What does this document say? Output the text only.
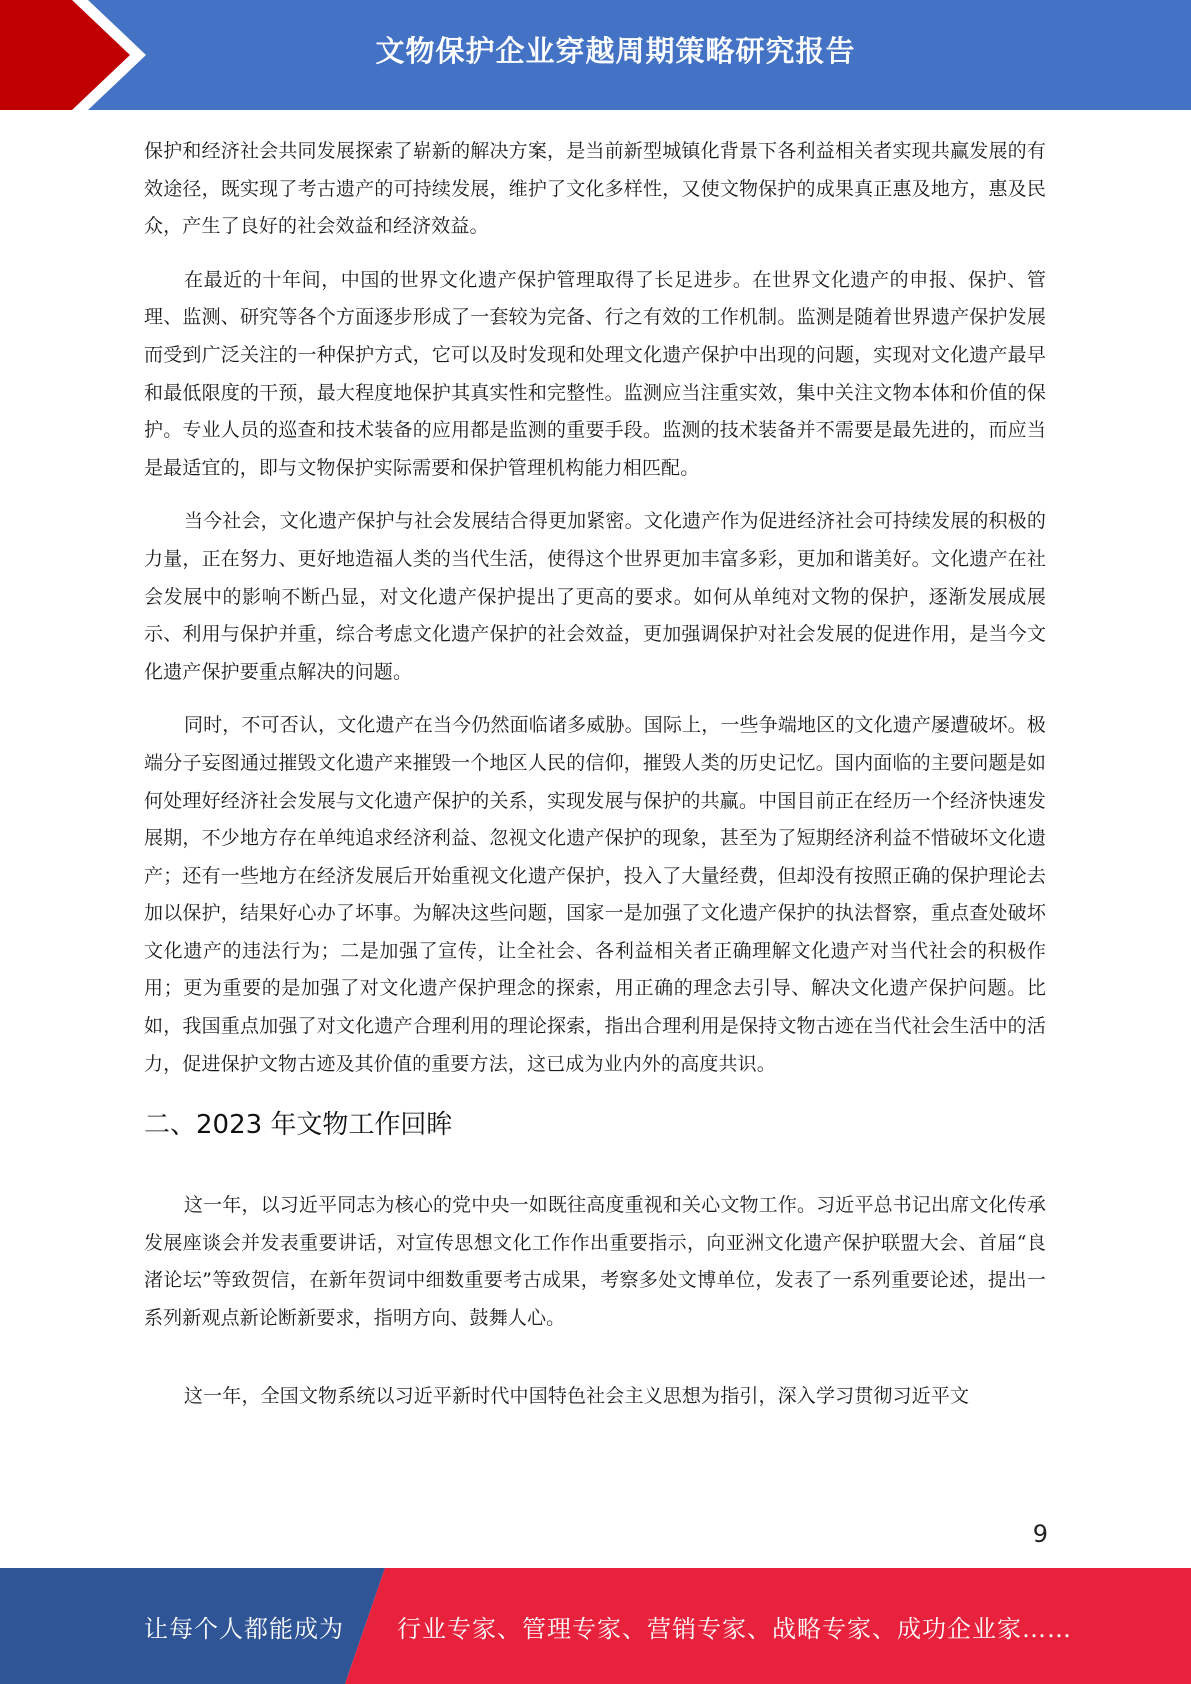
文物保护企业穿越周期策略研究报告

保护和经济社会共同发展探索了崭新的解决方案，是当前新型城镇化背景下各利益相关者实现共赢发展的有效途径，既实现了考古遗产的可持续发展，维护了文化多样性，又使文物保护的成果真正惠及地方，惠及民众，产生了良好的社会效益和经济效益。

在最近的十年间，中国的世界文化遗产保护管理取得了长足进步。在世界文化遗产的申报、保护、管理、监测、研究等各个方面逐步形成了一套较为完备、行之有效的工作机制。监测是随着世界遗产保护发展而受到广泛关注的一种保护方式，它可以及时发现和处理文化遗产保护中出现的问题，实现对文化遗产最早和最低限度的干预，最大程度地保护其真实性和完整性。监测应当注重实效，集中关注文物本体和价值的保护。专业人员的巡查和技术装备的应用都是监测的重要手段。监测的技术装备并不需要是最先进的，而应当是最适宜的，即与文物保护实际需要和保护管理机构能力相匹配。

当今社会，文化遗产保护与社会发展结合得更加紧密。文化遗产作为促进经济社会可持续发展的积极的力量，正在努力、更好地造福人类的当代生活，使得这个世界更加丰富多彩，更加和谐美好。文化遗产在社会发展中的影响不断凸显，对文化遗产保护提出了更高的要求。如何从单纯对文物的保护，逐渐发展成展示、利用与保护并重，综合考虑文化遗产保护的社会效益，更加强调保护对社会发展的促进作用，是当今文化遗产保护要重点解决的问题。

同时，不可否认，文化遗产在当今仍然面临诸多威胁。国际上，一些争端地区的文化遗产屡遭破坏。极端分子妄图通过摧毁文化遗产来摧毁一个地区人民的信仰，摧毁人类的历史记忆。国内面临的主要问题是如何处理好经济社会发展与文化遗产保护的关系，实现发展与保护的共赢。中国目前正在经历一个经济快速发展期，不少地方存在单纯追求经济利益、忽视文化遗产保护的现象，甚至为了短期经济利益不惜破坏文化遗产；还有一些地方在经济发展后开始重视文化遗产保护，投入了大量经费，但却没有按照正确的保护理论去加以保护，结果好心办了坏事。为解决这些问题，国家一是加强了文化遗产保护的执法督察，重点查处破坏文化遗产的违法行为；二是加强了宣传，让全社会、各利益相关者正确理解文化遗产对当代社会的积极作用；更为重要的是加强了对文化遗产保护理念的探索，用正确的理念去引导、解决文化遗产保护问题。比如，我国重点加强了对文化遗产合理利用的理论探索，指出合理利用是保持文物古迹在当代社会生活中的活力，促进保护文物古迹及其价值的重要方法，这已成为业内外的高度共识。

二、2023 年文物工作回眸

这一年，以习近平同志为核心的党中央一如既往高度重视和关心文物工作。习近平总书记出席文化传承发展座谈会并发表重要讲话，对宣传思想文化工作作出重要指示，向亚洲文化遗产保护联盟大会、首届“良渚论坛”等致贺信，在新年贺词中细数重要考古成果，考察多处文博单位，发表了一系列重要论述，提出一系列新观点新论断新要求，指明方向、鼓舞人心。

这一年，全国文物系统以习近平新时代中国特色社会主义思想为指引，深入学习贯彻习近平文

9
让每个人都能成为 行业专家、管理专家、营销专家、战略专家、成功企业家……
